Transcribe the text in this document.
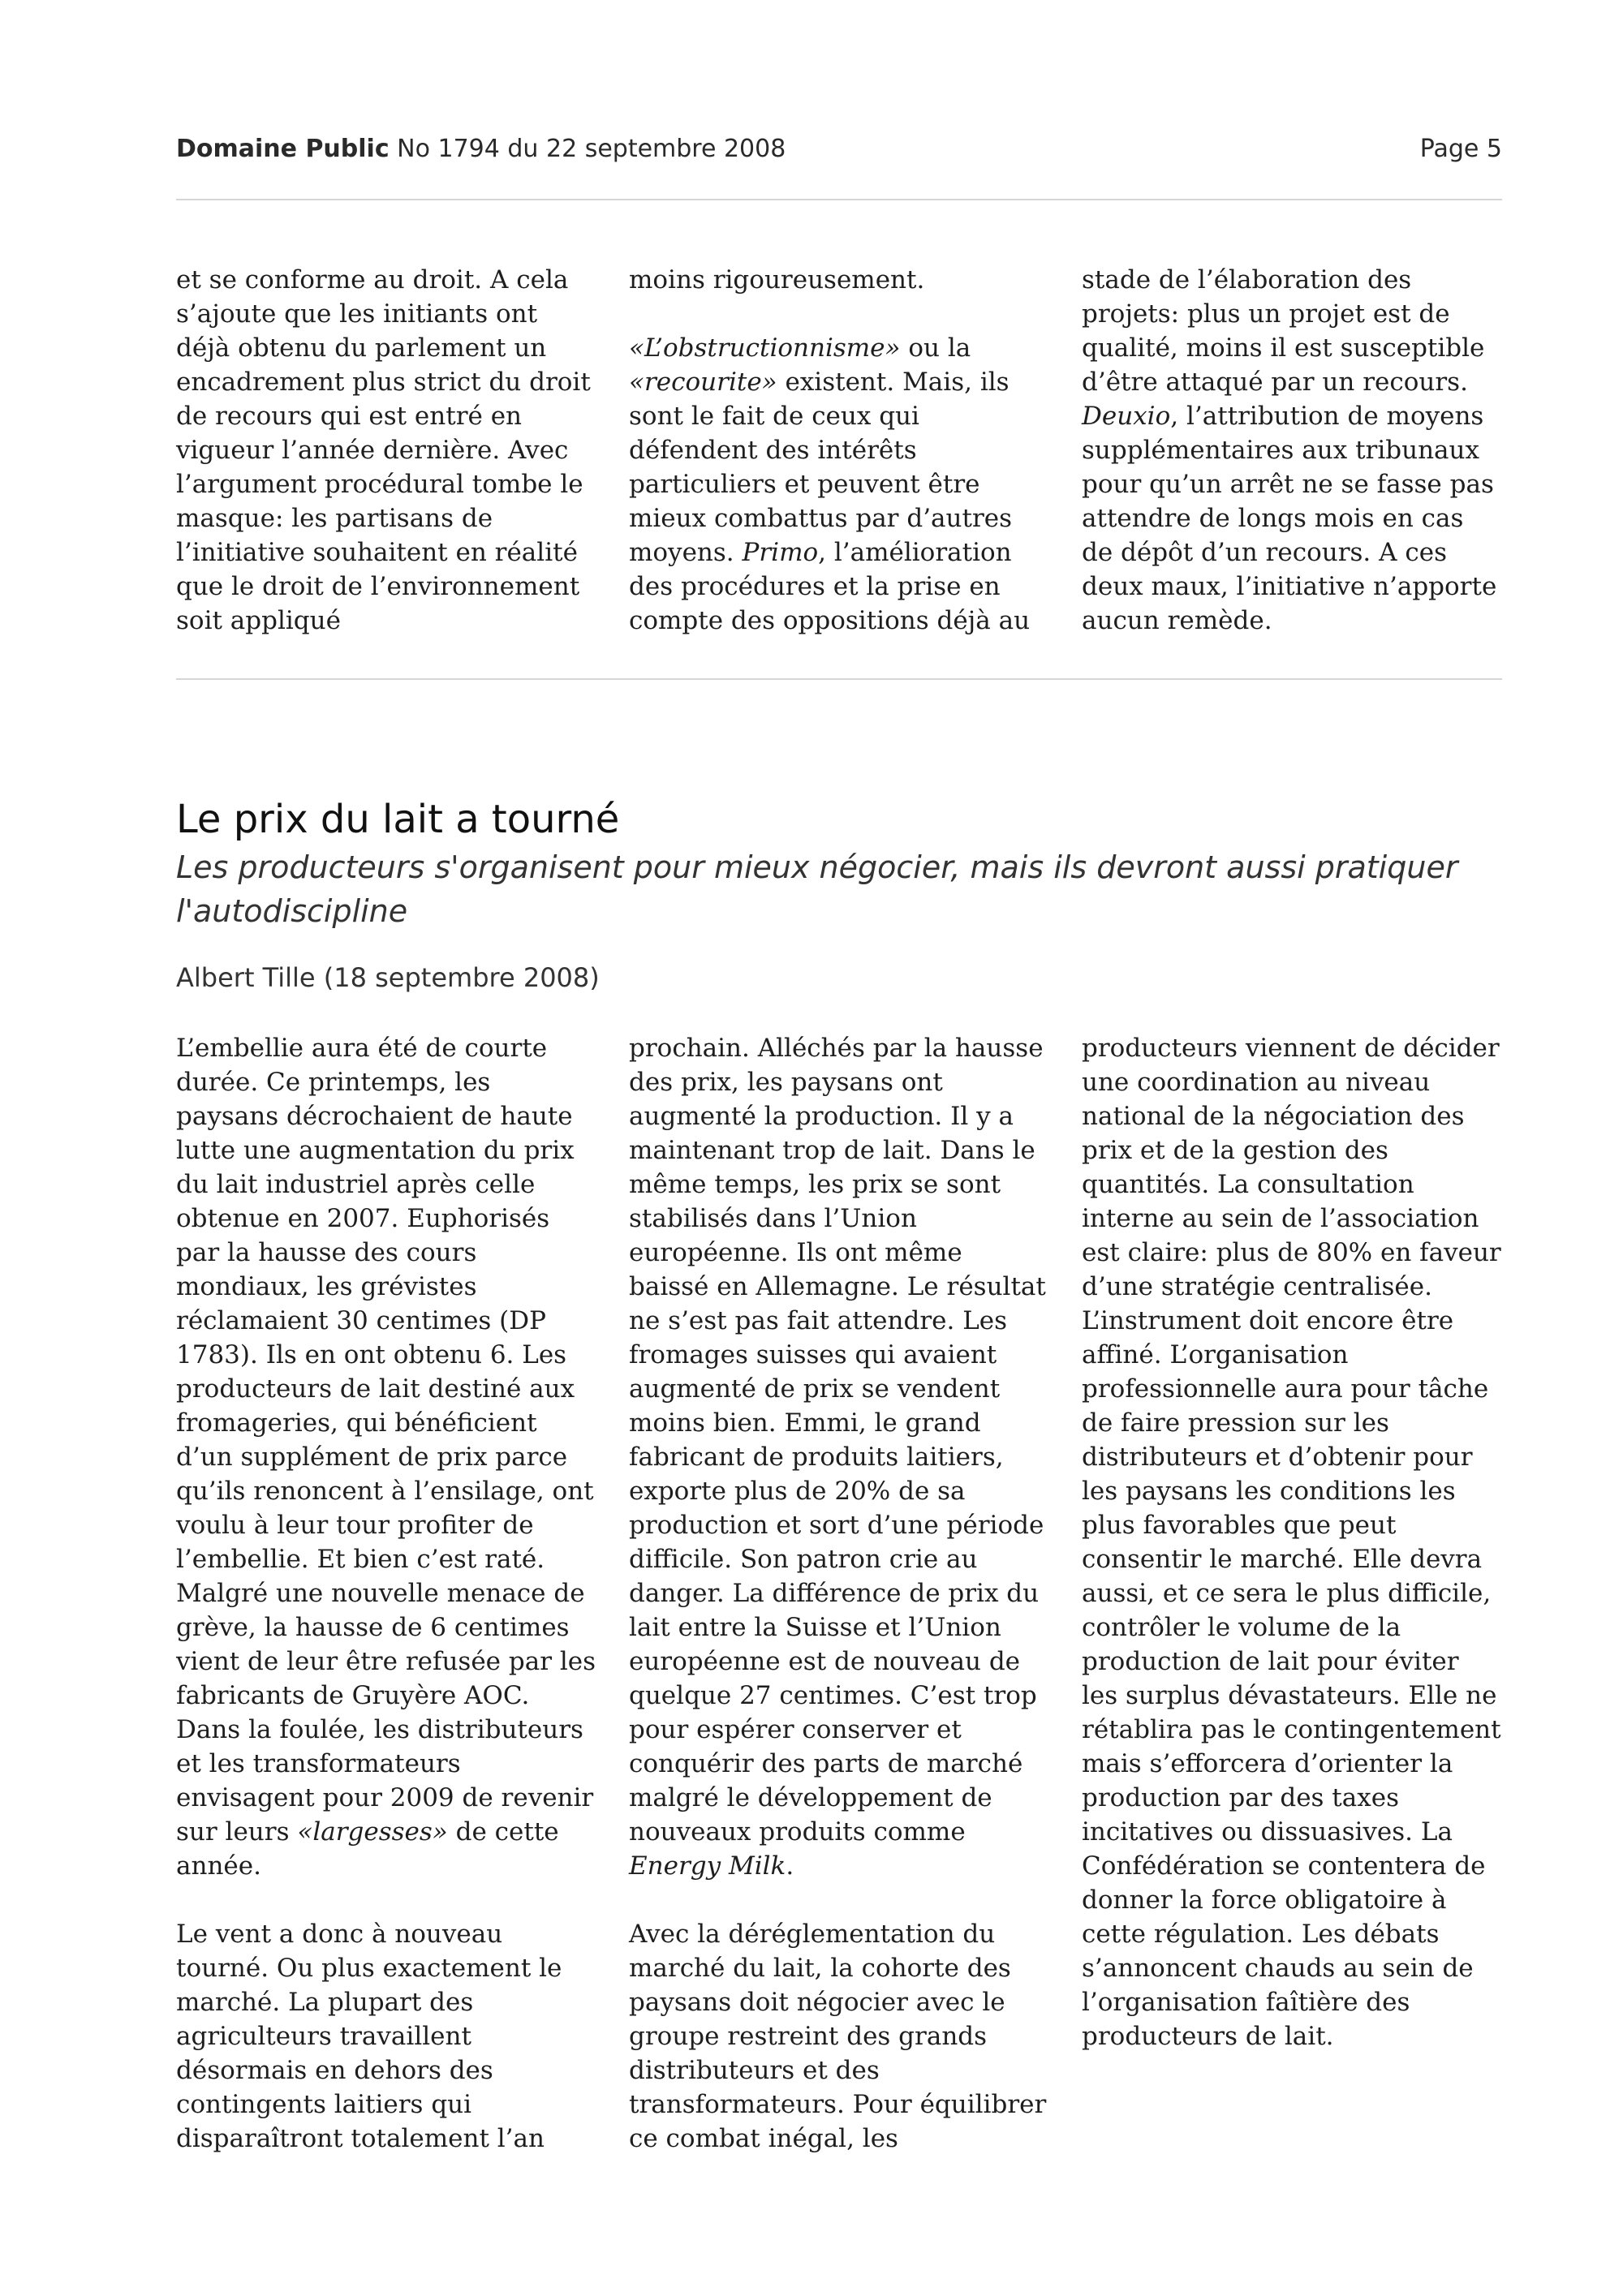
Domaine Public No 1794 du 22 septembre 2008	Page 5

et se conforme au droit. A cela s’ajoute que les initiants ont déjà obtenu du parlement un encadrement plus strict du droit de recours qui est entré en vigueur l’année dernière. Avec l’argument procédural tombe le masque: les partisans de l’initiative souhaitent en réalité que le droit de l’environnement soit appliqué

moins rigoureusement.

«L’obstructionnisme» ou la «recourite» existent. Mais, ils sont le fait de ceux qui défendent des intérêts particuliers et peuvent être mieux combattus par d’autres moyens. Primo, l’amélioration des procédures et la prise en compte des oppositions déjà au

stade de l’élaboration des projets: plus un projet est de qualité, moins il est susceptible d’être attaqué par un recours. Deuxio, l’attribution de moyens supplémentaires aux tribunaux pour qu’un arrêt ne se fasse pas attendre de longs mois en cas de dépôt d’un recours. A ces deux maux, l’initiative n’apporte aucun remède.

Le prix du lait a tourné
Les producteurs s'organisent pour mieux négocier, mais ils devront aussi pratiquer l'autodiscipline
Albert Tille (18 septembre 2008)

L’embellie aura été de courte durée. Ce printemps, les paysans décrochaient de haute lutte une augmentation du prix du lait industriel après celle obtenue en 2007. Euphorisés par la hausse des cours mondiaux, les grévistes réclamaient 30 centimes (DP 1783). Ils en ont obtenu 6. Les producteurs de lait destiné aux fromageries, qui bénéficient d’un supplément de prix parce qu’ils renoncent à l’ensilage, ont voulu à leur tour profiter de l’embellie. Et bien c’est raté. Malgré une nouvelle menace de grève, la hausse de 6 centimes vient de leur être refusée par les fabricants de Gruyère AOC. Dans la foulée, les distributeurs et les transformateurs envisagent pour 2009 de revenir sur leurs «largesses» de cette année.

Le vent a donc à nouveau tourné. Ou plus exactement le marché. La plupart des agriculteurs travaillent désormais en dehors des contingents laitiers qui disparaîtront totalement l’an

prochain. Alléchés par la hausse des prix, les paysans ont augmenté la production. Il y a maintenant trop de lait. Dans le même temps, les prix se sont stabilisés dans l’Union européenne. Ils ont même baissé en Allemagne. Le résultat ne s’est pas fait attendre. Les fromages suisses qui avaient augmenté de prix se vendent moins bien. Emmi, le grand fabricant de produits laitiers, exporte plus de 20% de sa production et sort d’une période difficile. Son patron crie au danger. La différence de prix du lait entre la Suisse et l’Union européenne est de nouveau de quelque 27 centimes. C’est trop pour espérer conserver et conquérir des parts de marché malgré le développement de nouveaux produits comme Energy Milk.

Avec la déréglementation du marché du lait, la cohorte des paysans doit négocier avec le groupe restreint des grands distributeurs et des transformateurs. Pour équilibrer ce combat inégal, les

producteurs viennent de décider une coordination au niveau national de la négociation des prix et de la gestion des quantités. La consultation interne au sein de l’association est claire: plus de 80% en faveur d’une stratégie centralisée. L’instrument doit encore être affiné. L’organisation professionnelle aura pour tâche de faire pression sur les distributeurs et d’obtenir pour les paysans les conditions les plus favorables que peut consentir le marché. Elle devra aussi, et ce sera le plus difficile, contrôler le volume de la production de lait pour éviter les surplus dévastateurs. Elle ne rétablira pas le contingentement mais s’efforcera d’orienter la production par des taxes incitatives ou dissuasives. La Confédération se contentera de donner la force obligatoire à cette régulation. Les débats s’annoncent chauds au sein de l’organisation faîtière des producteurs de lait.
